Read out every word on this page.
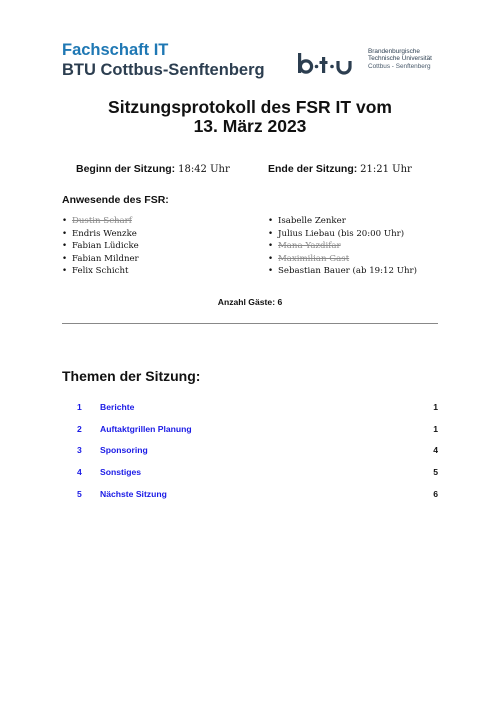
Fachschaft IT
BTU Cottbus-Senftenberg
Brandenburgische
Technische Universität
Cottbus - Senftenberg
Sitzungsprotokoll des FSR IT vom
13. März 2023
Beginn der Sitzung: 18:42 Uhr	Ende der Sitzung: 21:21 Uhr
Anwesende des FSR:
• Dustin Scharf
• Endris Wenzke
• Fabian Lüdicke
• Fabian Mildner
• Felix Schicht
• Isabelle Zenker
• Julius Liebau (bis 20:00 Uhr)
• Mana Yazdifar
• Maximilian Gast
• Sebastian Bauer (ab 19:12 Uhr)
Anzahl Gäste: 6
Themen der Sitzung:
1 Berichte	1
2 Auftaktgrillen Planung	1
3 Sponsoring	4
4 Sonstiges	5
5 Nächste Sitzung	6
